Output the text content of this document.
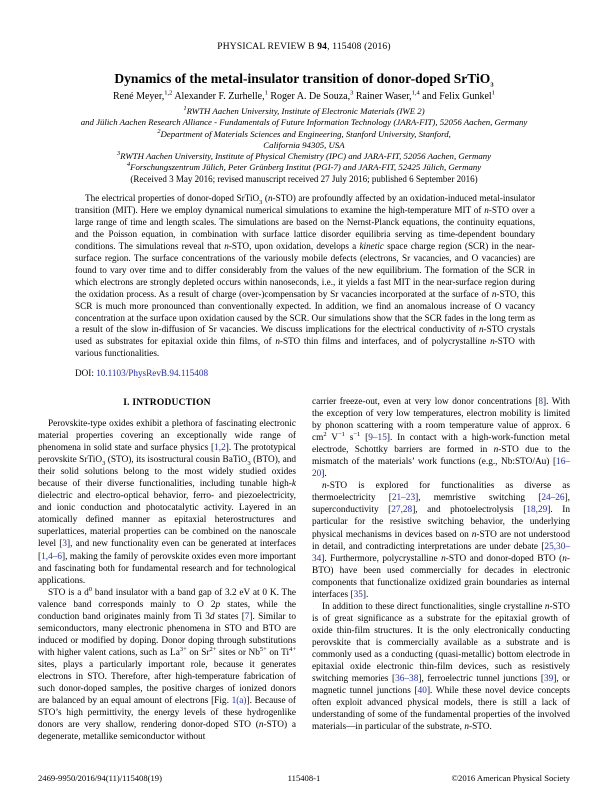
PHYSICAL REVIEW B 94, 115408 (2016)
Dynamics of the metal-insulator transition of donor-doped SrTiO$_3$
René Meyer,$^{1,2}$ Alexander F. Zurhelle,$^1$ Roger A. De Souza,$^3$ Rainer Waser,$^{1,4}$ and Felix Gunkel$^1$
$^1$RWTH Aachen University, Institute of Electronic Materials (IWE 2)
and Jülich Aachen Research Alliance - Fundamentals of Future Information Technology (JARA-FIT), 52056 Aachen, Germany
$^2$Department of Materials Sciences and Engineering, Stanford University, Stanford,
California 94305, USA
$^3$RWTH Aachen University, Institute of Physical Chemistry (IPC) and JARA-FIT, 52056 Aachen, Germany
$^4$Forschungszentrum Jülich, Peter Grünberg Institut (PGI-7) and JARA-FIT, 52425 Jülich, Germany
(Received 3 May 2016; revised manuscript received 27 July 2016; published 6 September 2016)
The electrical properties of donor-doped SrTiO$_3$ (n-STO) are profoundly affected by an oxidation-induced metal-insulator transition (MIT). Here we employ dynamical numerical simulations to examine the high-temperature MIT of n-STO over a large range of time and length scales. The simulations are based on the Nernst-Planck equations, the continuity equations, and the Poisson equation, in combination with surface lattice disorder equilibria serving as time-dependent boundary conditions. The simulations reveal that n-STO, upon oxidation, develops a kinetic space charge region (SCR) in the near-surface region. The surface concentrations of the variously mobile defects (electrons, Sr vacancies, and O vacancies) are found to vary over time and to differ considerably from the values of the new equilibrium. The formation of the SCR in which electrons are strongly depleted occurs within nanoseconds, i.e., it yields a fast MIT in the near-surface region during the oxidation process. As a result of charge (over-)compensation by Sr vacancies incorporated at the surface of n-STO, this SCR is much more pronounced than conventionally expected. In addition, we find an anomalous increase of O vacancy concentration at the surface upon oxidation caused by the SCR. Our simulations show that the SCR fades in the long term as a result of the slow in-diffusion of Sr vacancies. We discuss implications for the electrical conductivity of n-STO crystals used as substrates for epitaxial oxide thin films, of n-STO thin films and interfaces, and of polycrystalline n-STO with various functionalities.
DOI: 10.1103/PhysRevB.94.115408
I. INTRODUCTION

Perovskite-type oxides exhibit a plethora of fascinating electronic material properties covering an exceptionally wide range of phenomena in solid state and surface physics [1,2]. The prototypical perovskite SrTiO$_3$ (STO), its isostructural cousin BaTiO$_3$ (BTO), and their solid solutions belong to the most widely studied oxides because of their diverse functionalities, including tunable high-k dielectric and electro-optical behavior, ferro- and piezoelectricity, and ionic conduction and photocatalytic activity. Layered in an atomically defined manner as epitaxial heterostructures and superlattices, material properties can be combined on the nanoscale level [3], and new functionality even can be generated at interfaces [1,4–6], making the family of perovskite oxides even more important and fascinating both for fundamental research and for technological applications.

STO is a $d^0$ band insulator with a band gap of 3.2 eV at 0 K. The valence band corresponds mainly to O 2p states, while the conduction band originates mainly from Ti 3d states [7]. Similar to semiconductors, many electronic phenomena in STO and BTO are induced or modified by doping. Donor doping through substitutions with higher valent cations, such as $La^{3+}$ on $Sr^{2+}$ sites or $Nb^{5+}$ on $Ti^{4+}$ sites, plays a particularly important role, because it generates electrons in STO. Therefore, after high-temperature fabrication of such donor-doped samples, the positive charges of ionized donors are balanced by an equal amount of electrons [Fig. 1(a)]. Because of STO’s high permittivity, the energy levels of these hydrogenlike donors are very shallow, rendering donor-doped STO (n-STO) a degenerate, metallike semiconductor without

carrier freeze-out, even at very low donor concentrations [8]. With the exception of very low temperatures, electron mobility is limited by phonon scattering with a room temperature value of approx. 6 $cm^2$ $V^{-1}$ $s^{-1}$ [9–15]. In contact with a high-work-function metal electrode, Schottky barriers are formed in n-STO due to the mismatch of the materials’ work functions (e.g., Nb:STO/Au) [16–20].

n-STO is explored for functionalities as diverse as thermoelectricity [21–23], memristive switching [24–26], superconductivity [27,28], and photoelectrolysis [18,29]. In particular for the resistive switching behavior, the underlying physical mechanisms in devices based on n-STO are not understood in detail, and contradicting interpretations are under debate [25,30–34]. Furthermore, polycrystalline n-STO and donor-doped BTO (n-BTO) have been used commercially for decades in electronic components that functionalize oxidized grain boundaries as internal interfaces [35].

In addition to these direct functionalities, single crystalline n-STO is of great significance as a substrate for the epitaxial growth of oxide thin-film structures. It is the only electronically conducting perovskite that is commercially available as a substrate and is commonly used as a conducting (quasi-metallic) bottom electrode in epitaxial oxide electronic thin-film devices, such as resistively switching memories [36–38], ferroelectric tunnel junctions [39], or magnetic tunnel junctions [40]. While these novel device concepts often exploit advanced physical models, there is still a lack of understanding of some of the fundamental properties of the involved materials—in particular of the substrate, n-STO.

2469-9950/2016/94(11)/115408(19)	115408-1	©2016 American Physical Society
